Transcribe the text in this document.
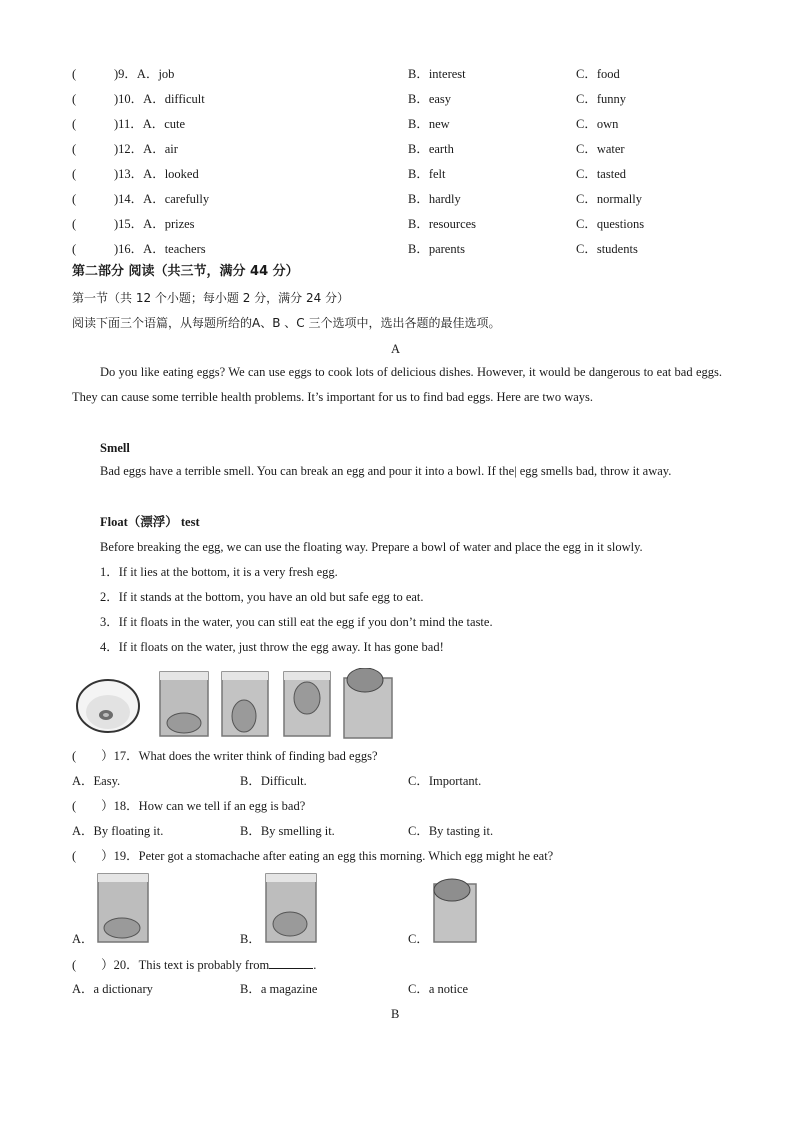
(　　 )9．A．job	B．interest	C．food
(　　 )10．A．difficult	B．easy	C．funny
(　　 )11．A．cute	B．new	C．own
(　　 )12．A．air	B．earth	C．water
(　　 )13．A．looked	B．felt	C．tasted
(　　 )14．A．carefully	B．hardly	C．normally
(　　 )15．A．prizes	B．resources	C．questions
(　　 )16．A．teachers	B．parents	C．students
第二部分 阅读（共三节，满分 44 分）
第一节（共 12 个小题；每小题 2 分，满分 24 分）
阅读下面三个语篇，从每题所给的A、B 、C 三个选项中，选出各题的最佳选项。
A
Do you like eating eggs? We can use eggs to cook lots of delicious dishes. However, it would be dangerous to eat bad eggs. They can cause some terrible health problems. It’s important for us to find bad eggs. Here are two ways.
Smell
Bad eggs have a terrible smell. You can break an egg and pour it into a bowl. If the| egg smells bad, throw it away.
Float（漂浮） test
Before breaking the egg, we can use the floating way. Prepare a bowl of water and place the egg in it slowly.
1．If it lies at the bottom, it is a very fresh egg.
2．If it stands at the bottom, you have an old but safe egg to eat.
3．If it floats in the water, you can still eat the egg if you don’t mind the taste.
4．If it floats on the water, just throw the egg away. It has gone bad!
(　　）17．What does the writer think of finding bad eggs?
A．Easy.	B．Difficult.	C．Important.
(　　）18．How can we tell if an egg is bad?
A．By floating it.	B．By smelling it.	C．By tasting it.
(　　）19．Peter got a stomachache after eating an egg this morning. Which egg might he eat?
A．	B．	C．
(　　）20．This text is probably from	.
A．a dictionary	B．a magazine	C．a notice
B
